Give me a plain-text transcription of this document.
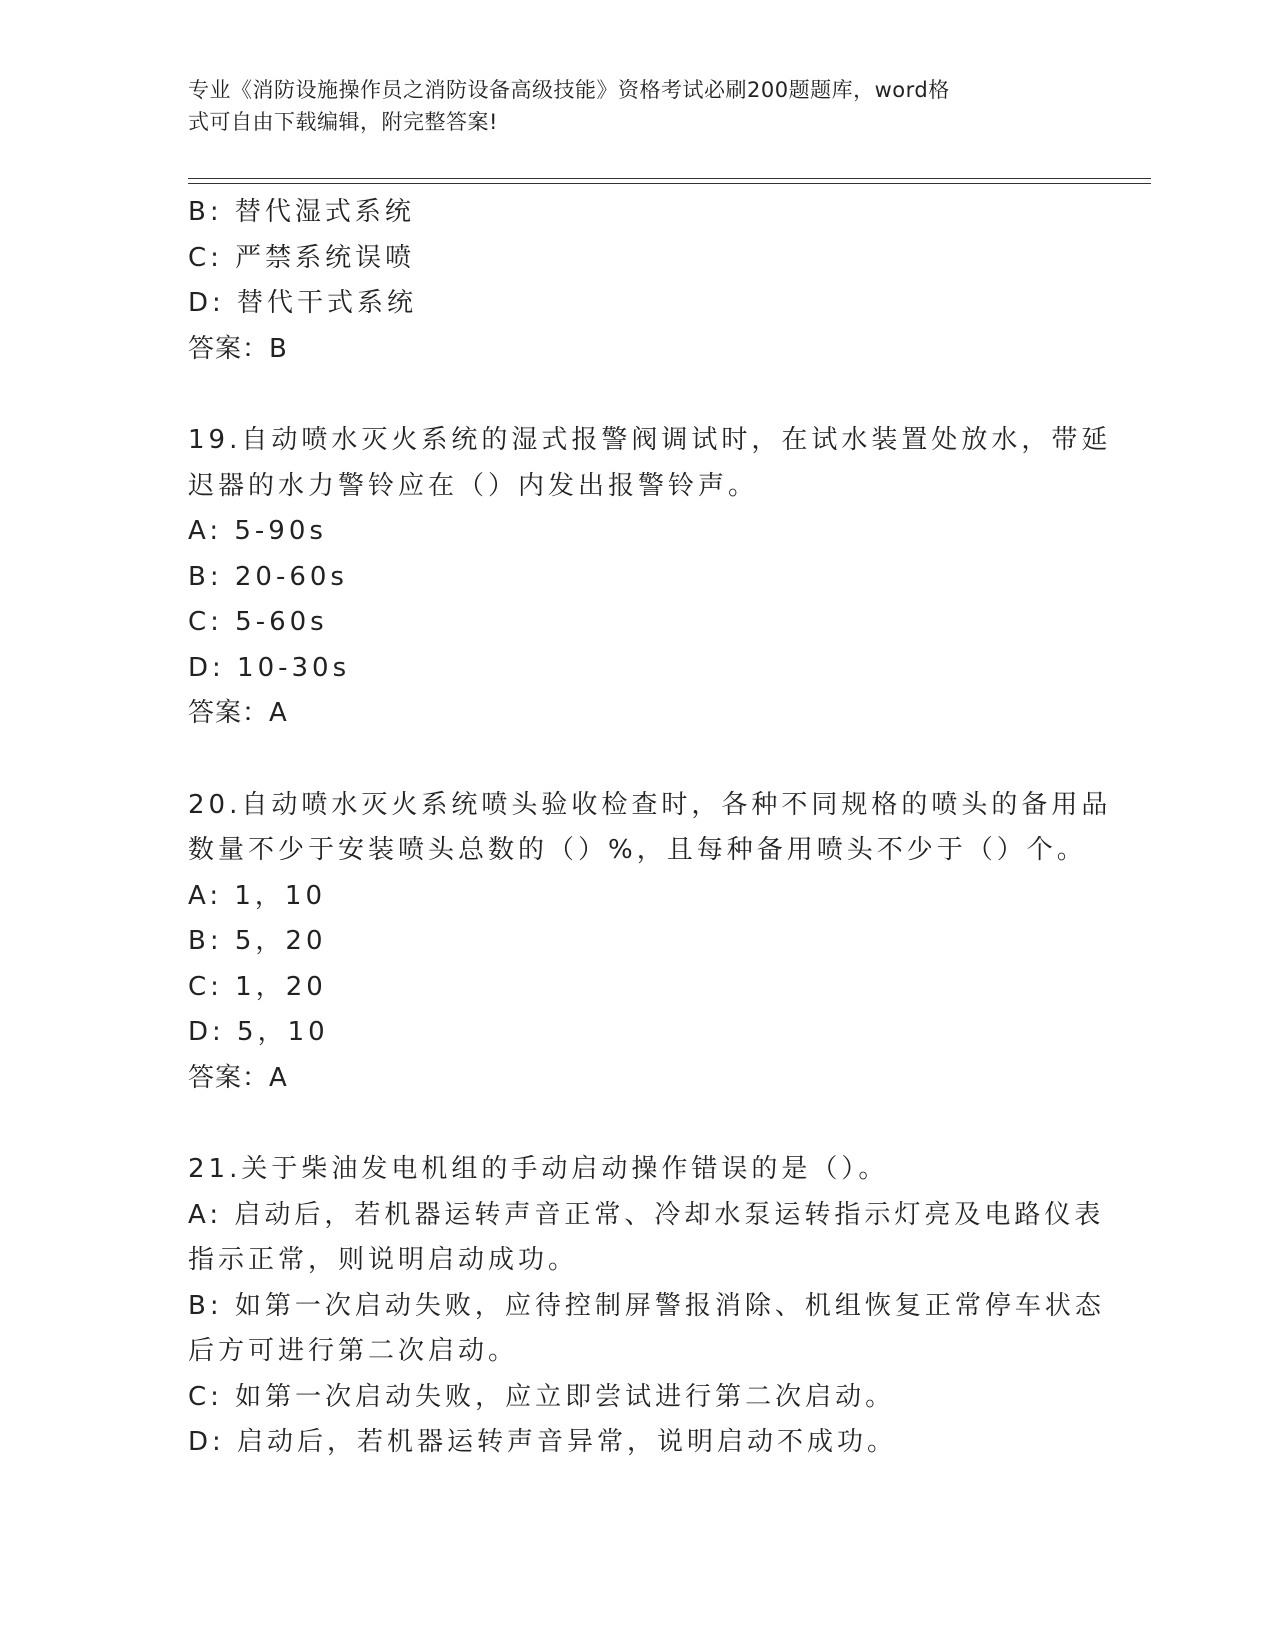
专业《消防设施操作员之消防设备高级技能》资格考试必刷200题题库，word格
式可自由下载编辑，附完整答案!
B: 替代湿式系统
C: 严禁系统误喷
D: 替代干式系统
答案：B
19.自动喷水灭火系统的湿式报警阀调试时，在试水装置处放水，带延
迟器的水力警铃应在（）内发出报警铃声。
A: 5-90s
B: 20-60s
C: 5-60s
D: 10-30s
答案：A
20.自动喷水灭火系统喷头验收检查时，各种不同规格的喷头的备用品
数量不少于安装喷头总数的（）%，且每种备用喷头不少于（）个。
A: 1，10
B: 5，20
C: 1，20
D: 5，10
答案：A
21.关于柴油发电机组的手动启动操作错误的是（）。
A: 启动后，若机器运转声音正常、冷却水泵运转指示灯亮及电路仪表
指示正常，则说明启动成功。
B: 如第一次启动失败，应待控制屏警报消除、机组恢复正常停车状态
后方可进行第二次启动。
C: 如第一次启动失败，应立即尝试进行第二次启动。
D: 启动后，若机器运转声音异常，说明启动不成功。
